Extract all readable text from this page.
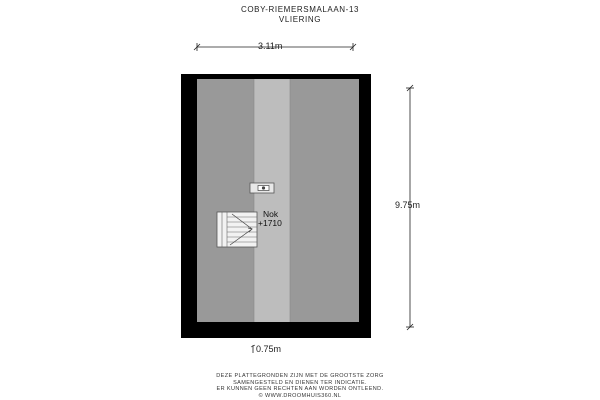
COBY-RIEMERSMALAAN-13
VLIERING
3.11m
9.75m
0.75m
Nok
+1710
DEZE PLATTEGRONDEN ZIJN MET DE GROOTSTE ZORG
SAMENGESTELD EN DIENEN TER INDICATIE.
ER KUNNEN GEEN RECHTEN AAN WORDEN ONTLEEND.
© WWW.DROOMHUIS360.NL
